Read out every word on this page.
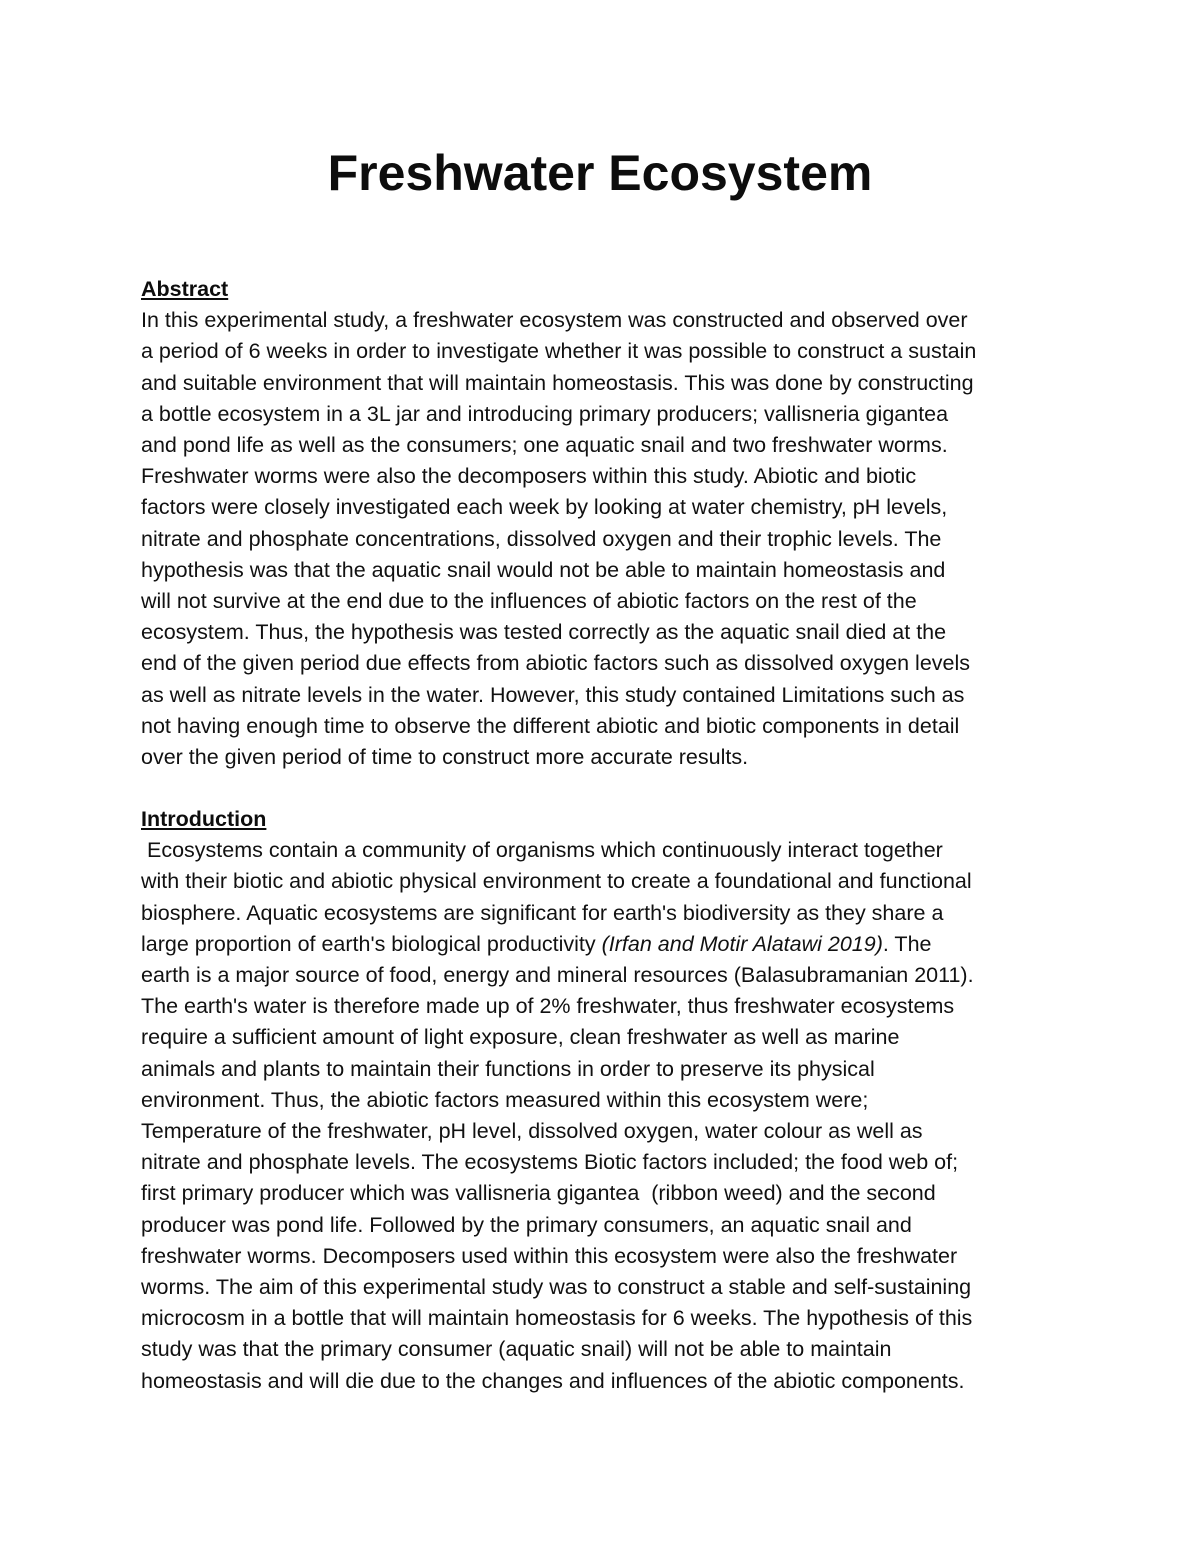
Freshwater Ecosystem
Abstract
In this experimental study, a freshwater ecosystem was constructed and observed over
a period of 6 weeks in order to investigate whether it was possible to construct a sustain
and suitable environment that will maintain homeostasis. This was done by constructing
a bottle ecosystem in a 3L jar and introducing primary producers; vallisneria gigantea
and pond life as well as the consumers; one aquatic snail and two freshwater worms.
Freshwater worms were also the decomposers within this study. Abiotic and biotic
factors were closely investigated each week by looking at water chemistry, pH levels,
nitrate and phosphate concentrations, dissolved oxygen and their trophic levels. The
hypothesis was that the aquatic snail would not be able to maintain homeostasis and
will not survive at the end due to the influences of abiotic factors on the rest of the
ecosystem. Thus, the hypothesis was tested correctly as the aquatic snail died at the
end of the given period due effects from abiotic factors such as dissolved oxygen levels
as well as nitrate levels in the water. However, this study contained Limitations such as
not having enough time to observe the different abiotic and biotic components in detail
over the given period of time to construct more accurate results.
Introduction
Ecosystems contain a community of organisms which continuously interact together
with their biotic and abiotic physical environment to create a foundational and functional
biosphere. Aquatic ecosystems are significant for earth's biodiversity as they share a
large proportion of earth's biological productivity (Irfan and Motir Alatawi 2019). The
earth is a major source of food, energy and mineral resources (Balasubramanian 2011).
The earth's water is therefore made up of 2% freshwater, thus freshwater ecosystems
require a sufficient amount of light exposure, clean freshwater as well as marine
animals and plants to maintain their functions in order to preserve its physical
environment. Thus, the abiotic factors measured within this ecosystem were;
Temperature of the freshwater, pH level, dissolved oxygen, water colour as well as
nitrate and phosphate levels. The ecosystems Biotic factors included; the food web of;
first primary producer which was vallisneria gigantea  (ribbon weed) and the second
producer was pond life. Followed by the primary consumers, an aquatic snail and
freshwater worms. Decomposers used within this ecosystem were also the freshwater
worms. The aim of this experimental study was to construct a stable and self-sustaining
microcosm in a bottle that will maintain homeostasis for 6 weeks. The hypothesis of this
study was that the primary consumer (aquatic snail) will not be able to maintain
homeostasis and will die due to the changes and influences of the abiotic components.
